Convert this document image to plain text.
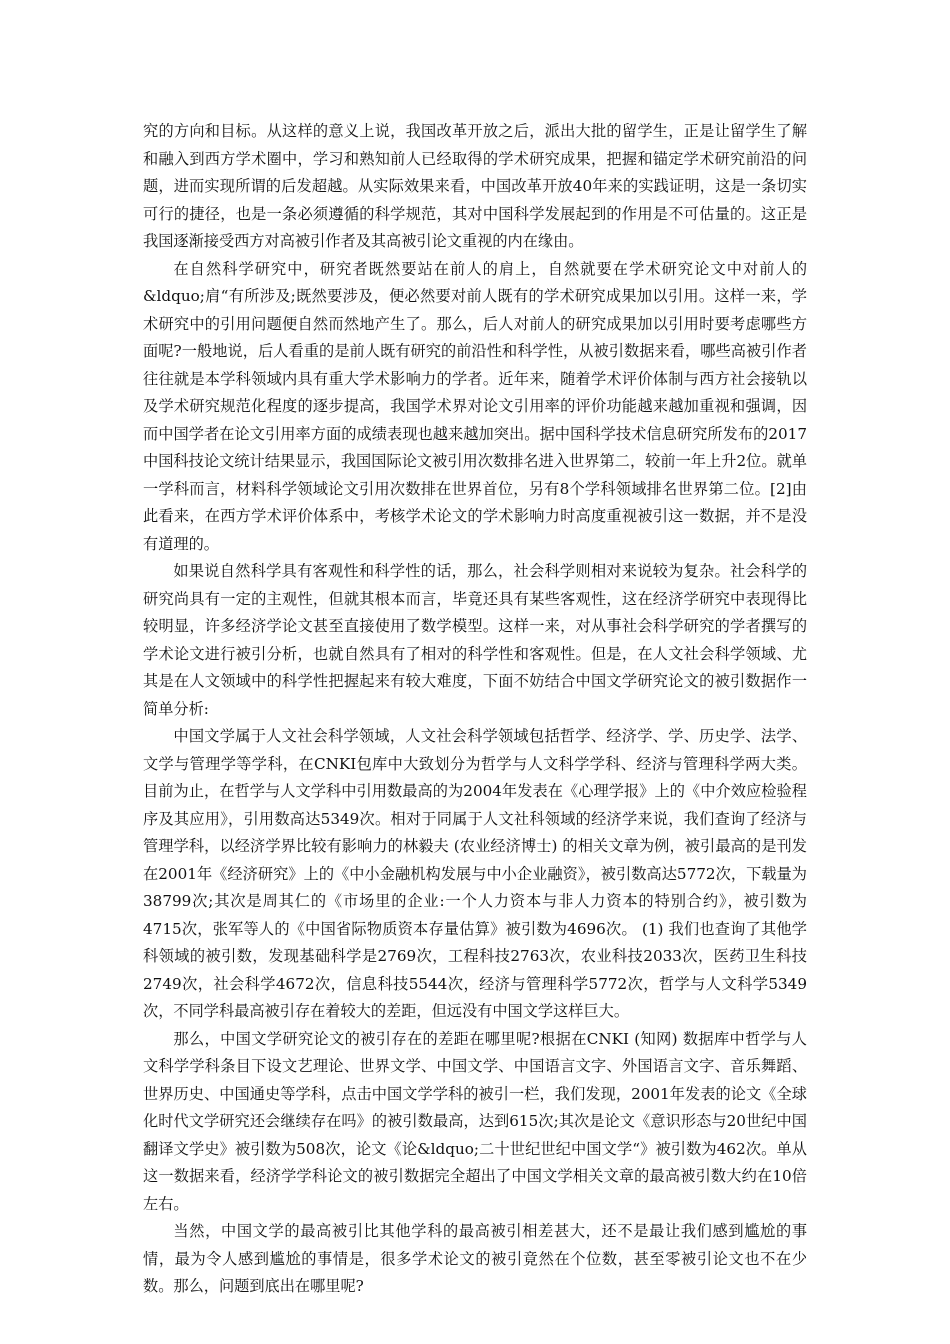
究的方向和目标。从这样的意义上说，我国改革开放之后，派出大批的留学生，正是让留学生了解和融入到西方学术圈中，学习和熟知前人已经取得的学术研究成果，把握和锚定学术研究前沿的问题，进而实现所谓的后发超越。从实际效果来看，中国改革开放40年来的实践证明，这是一条切实可行的捷径，也是一条必须遵循的科学规范，其对中国科学发展起到的作用是不可估量的。这正是我国逐渐接受西方对高被引作者及其高被引论文重视的内在缘由。

在自然科学研究中，研究者既然要站在前人的肩上，自然就要在学术研究论文中对前人的&ldquo;肩“有所涉及;既然要涉及，便必然要对前人既有的学术研究成果加以引用。这样一来，学术研究中的引用问题便自然而然地产生了。那么，后人对前人的研究成果加以引用时要考虑哪些方面呢?一般地说，后人看重的是前人既有研究的前沿性和科学性，从被引数据来看，哪些高被引作者往往就是本学科领域内具有重大学术影响力的学者。近年来，随着学术评价体制与西方社会接轨以及学术研究规范化程度的逐步提高，我国学术界对论文引用率的评价功能越来越加重视和强调，因而中国学者在论文引用率方面的成绩表现也越来越加突出。据中国科学技术信息研究所发布的2017中国科技论文统计结果显示，我国国际论文被引用次数排名进入世界第二，较前一年上升2位。就单一学科而言，材料科学领域论文引用次数排在世界首位，另有8个学科领域排名世界第二位。[2]由此看来，在西方学术评价体系中，考核学术论文的学术影响力时高度重视被引这一数据，并不是没有道理的。

如果说自然科学具有客观性和科学性的话，那么，社会科学则相对来说较为复杂。社会科学的研究尚具有一定的主观性，但就其根本而言，毕竟还具有某些客观性，这在经济学研究中表现得比较明显，许多经济学论文甚至直接使用了数学模型。这样一来，对从事社会科学研究的学者撰写的学术论文进行被引分析，也就自然具有了相对的科学性和客观性。但是，在人文社会科学领域、尤其是在人文领域中的科学性把握起来有较大难度，下面不妨结合中国文学研究论文的被引数据作一简单分析:

中国文学属于人文社会科学领域，人文社会科学领域包括哲学、经济学、学、历史学、法学、文学与管理学等学科，在CNKI包库中大致划分为哲学与人文科学学科、经济与管理科学两大类。目前为止，在哲学与人文学科中引用数最高的为2004年发表在《心理学报》上的《中介效应检验程序及其应用》，引用数高达5349次。相对于同属于人文社科领域的经济学来说，我们查询了经济与管理学科，以经济学界比较有影响力的林毅夫 (农业经济博士) 的相关文章为例，被引最高的是刊发在2001年《经济研究》上的《中小金融机构发展与中小企业融资》，被引数高达5772次，下载量为38799次;其次是周其仁的《市场里的企业:一个人力资本与非人力资本的特别合约》，被引数为4715次，张军等人的《中国省际物质资本存量估算》被引数为4696次。 (1) 我们也查询了其他学科领域的被引数，发现基础科学是2769次，工程科技2763次，农业科技2033次，医药卫生科技2749次，社会科学4672次，信息科技5544次，经济与管理科学5772次，哲学与人文科学5349次，不同学科最高被引存在着较大的差距，但远没有中国文学这样巨大。

那么，中国文学研究论文的被引存在的差距在哪里呢?根据在CNKI (知网) 数据库中哲学与人文科学学科条目下设文艺理论、世界文学、中国文学、中国语言文字、外国语言文字、音乐舞蹈、世界历史、中国通史等学科，点击中国文学学科的被引一栏，我们发现，2001年发表的论文《全球化时代文学研究还会继续存在吗》的被引数最高，达到615次;其次是论文《意识形态与20世纪中国翻译文学史》被引数为508次，论文《论&ldquo;二十世纪世纪中国文学“》被引数为462次。单从这一数据来看，经济学学科论文的被引数据完全超出了中国文学相关文章的最高被引数大约在10倍左右。

当然，中国文学的最高被引比其他学科的最高被引相差甚大，还不是最让我们感到尴尬的事情，最为令人感到尴尬的事情是，很多学术论文的被引竟然在个位数，甚至零被引论文也不在少数。那么，问题到底出在哪里呢?
